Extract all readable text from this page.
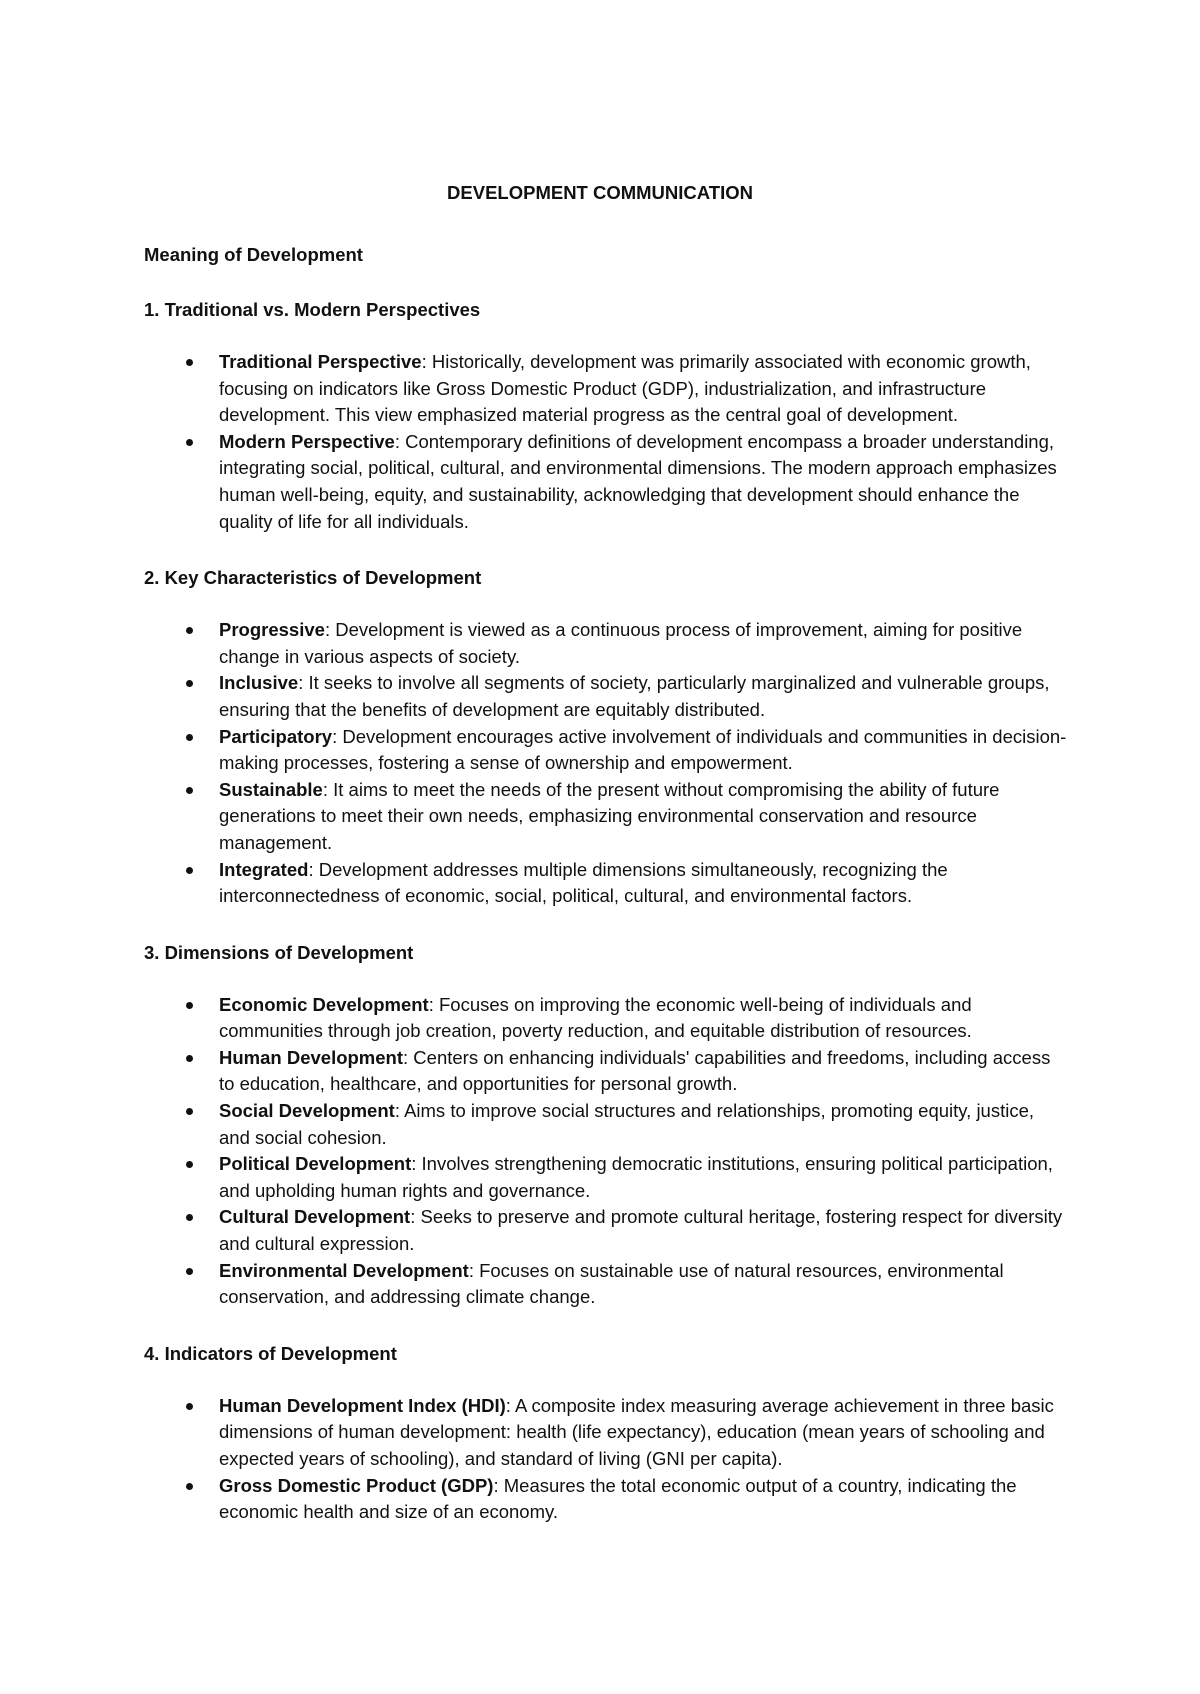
DEVELOPMENT COMMUNICATION
Meaning of Development
1. Traditional vs. Modern Perspectives
Traditional Perspective: Historically, development was primarily associated with economic growth, focusing on indicators like Gross Domestic Product (GDP), industrialization, and infrastructure development. This view emphasized material progress as the central goal of development.
Modern Perspective: Contemporary definitions of development encompass a broader understanding, integrating social, political, cultural, and environmental dimensions. The modern approach emphasizes human well-being, equity, and sustainability, acknowledging that development should enhance the quality of life for all individuals.
2. Key Characteristics of Development
Progressive: Development is viewed as a continuous process of improvement, aiming for positive change in various aspects of society.
Inclusive: It seeks to involve all segments of society, particularly marginalized and vulnerable groups, ensuring that the benefits of development are equitably distributed.
Participatory: Development encourages active involvement of individuals and communities in decision-making processes, fostering a sense of ownership and empowerment.
Sustainable: It aims to meet the needs of the present without compromising the ability of future generations to meet their own needs, emphasizing environmental conservation and resource management.
Integrated: Development addresses multiple dimensions simultaneously, recognizing the interconnectedness of economic, social, political, cultural, and environmental factors.
3. Dimensions of Development
Economic Development: Focuses on improving the economic well-being of individuals and communities through job creation, poverty reduction, and equitable distribution of resources.
Human Development: Centers on enhancing individuals' capabilities and freedoms, including access to education, healthcare, and opportunities for personal growth.
Social Development: Aims to improve social structures and relationships, promoting equity, justice, and social cohesion.
Political Development: Involves strengthening democratic institutions, ensuring political participation, and upholding human rights and governance.
Cultural Development: Seeks to preserve and promote cultural heritage, fostering respect for diversity and cultural expression.
Environmental Development: Focuses on sustainable use of natural resources, environmental conservation, and addressing climate change.
4. Indicators of Development
Human Development Index (HDI): A composite index measuring average achievement in three basic dimensions of human development: health (life expectancy), education (mean years of schooling and expected years of schooling), and standard of living (GNI per capita).
Gross Domestic Product (GDP): Measures the total economic output of a country, indicating the economic health and size of an economy.
